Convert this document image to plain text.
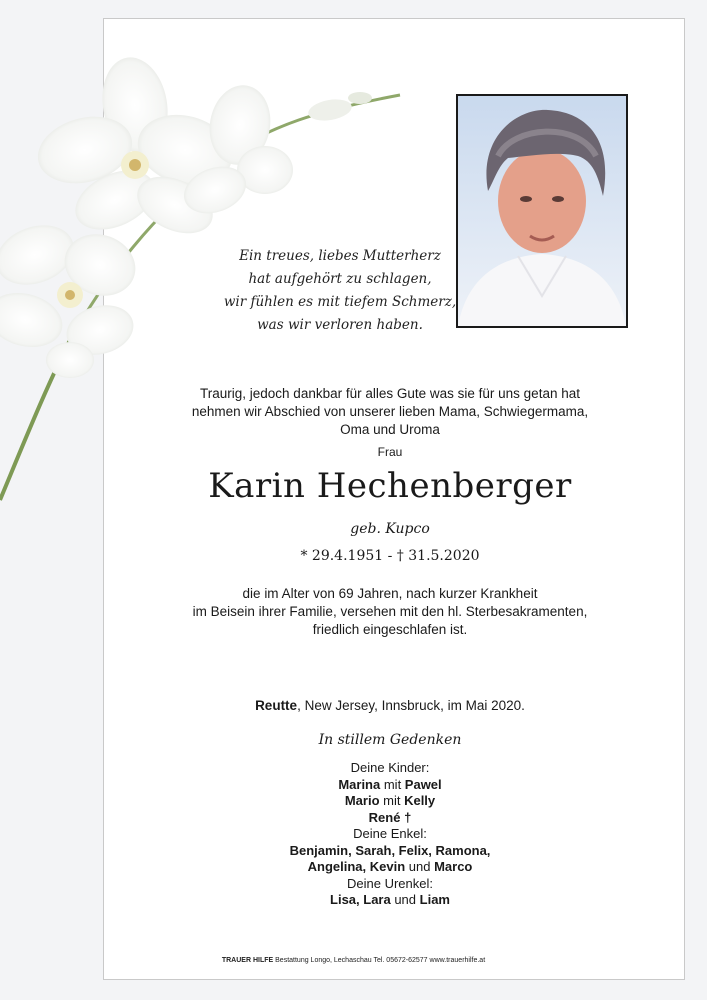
Ein treues, liebes Mutterherz
hat aufgehört zu schlagen,
wir fühlen es mit tiefem Schmerz,
was wir verloren haben.
Traurig, jedoch dankbar für alles Gute was sie für uns getan hat
nehmen wir Abschied von unserer lieben Mama, Schwiegermama,
Oma und Uroma
Frau
Karin Hechenberger
geb. Kupco
* 29.4.1951 - † 31.5.2020
die im Alter von 69 Jahren, nach kurzer Krankheit
im Beisein ihrer Familie, versehen mit den hl. Sterbesakramenten,
friedlich eingeschlafen ist.
Reutte, New Jersey, Innsbruck, im Mai 2020.
In stillem Gedenken
Deine Kinder:
Marina mit Pawel
Mario mit Kelly
René †
Deine Enkel:
Benjamin, Sarah, Felix, Ramona,
Angelina, Kevin und Marco
Deine Urenkel:
Lisa, Lara und Liam
TRAUER HILFE Bestattung Longo, Lechaschau Tel. 05672-62577 www.trauerhilfe.at
